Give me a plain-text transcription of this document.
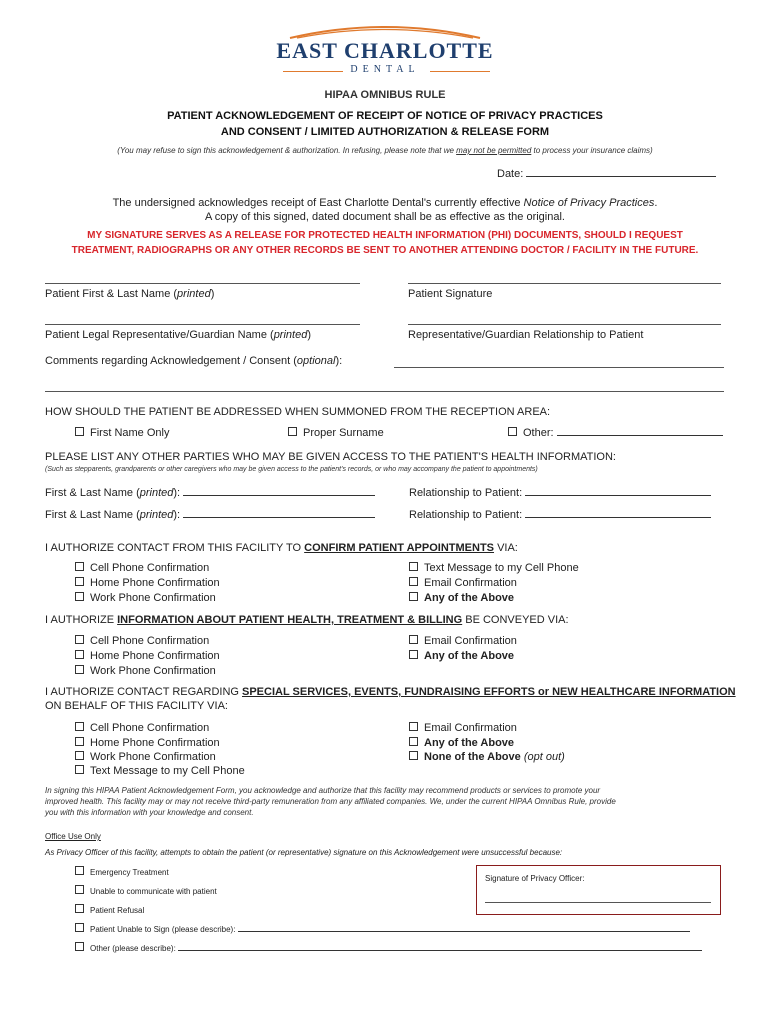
EAST CHARLOTTE
DENTAL
HIPAA OMNIBUS RULE
PATIENT ACKNOWLEDGEMENT OF RECEIPT OF NOTICE OF PRIVACY PRACTICES
AND CONSENT / LIMITED AUTHORIZATION & RELEASE FORM
(You may refuse to sign this acknowledgement & authorization. In refusing, please note that we may not be permitted to process your insurance claims)
Date:
The undersigned acknowledges receipt of East Charlotte Dental's currently effective Notice of Privacy Practices.
A copy of this signed, dated document shall be as effective as the original.
MY SIGNATURE SERVES AS A RELEASE FOR PROTECTED HEALTH INFORMATION (PHI) DOCUMENTS, SHOULD I REQUEST
TREATMENT, RADIOGRAPHS OR ANY OTHER RECORDS BE SENT TO ANOTHER ATTENDING DOCTOR / FACILITY IN THE FUTURE.
Patient First & Last Name (printed)	Patient Signature
Patient Legal Representative/Guardian Name (printed)	Representative/Guardian Relationship to Patient
Comments regarding Acknowledgement / Consent (optional):
HOW SHOULD THE PATIENT BE ADDRESSED WHEN SUMMONED FROM THE RECEPTION AREA:
First Name Only	Proper Surname	Other:
PLEASE LIST ANY OTHER PARTIES WHO MAY BE GIVEN ACCESS TO THE PATIENT'S HEALTH INFORMATION:
(Such as stepparents, grandparents or other caregivers who may be given access to the patient's records, or who may accompany the patient to appointments)
First & Last Name (printed):	Relationship to Patient:
First & Last Name (printed):	Relationship to Patient:
I AUTHORIZE CONTACT FROM THIS FACILITY TO CONFIRM PATIENT APPOINTMENTS VIA:
Cell Phone Confirmation
Home Phone Confirmation
Work Phone Confirmation
Text Message to my Cell Phone
Email Confirmation
Any of the Above
I AUTHORIZE INFORMATION ABOUT PATIENT HEALTH, TREATMENT & BILLING BE CONVEYED VIA:
Cell Phone Confirmation
Home Phone Confirmation
Work Phone Confirmation
Email Confirmation
Any of the Above
I AUTHORIZE CONTACT REGARDING SPECIAL SERVICES, EVENTS, FUNDRAISING EFFORTS or NEW HEALTHCARE INFORMATION
ON BEHALF OF THIS FACILITY VIA:
Cell Phone Confirmation
Home Phone Confirmation
Work Phone Confirmation
Text Message to my Cell Phone
Email Confirmation
Any of the Above
None of the Above (opt out)
In signing this HIPAA Patient Acknowledgement Form, you acknowledge and authorize that this facility may recommend products or services to promote your
improved health. This facility may or may not receive third-party remuneration from any affiliated companies. We, under the current HIPAA Omnibus Rule, provide
you with this information with your knowledge and consent.
Office Use Only
As Privacy Officer of this facility, attempts to obtain the patient (or representative) signature on this Acknowledgement were unsuccessful because:
Emergency Treatment
Unable to communicate with patient
Patient Refusal
Patient Unable to Sign (please describe):
Other (please describe):
Signature of Privacy Officer:
